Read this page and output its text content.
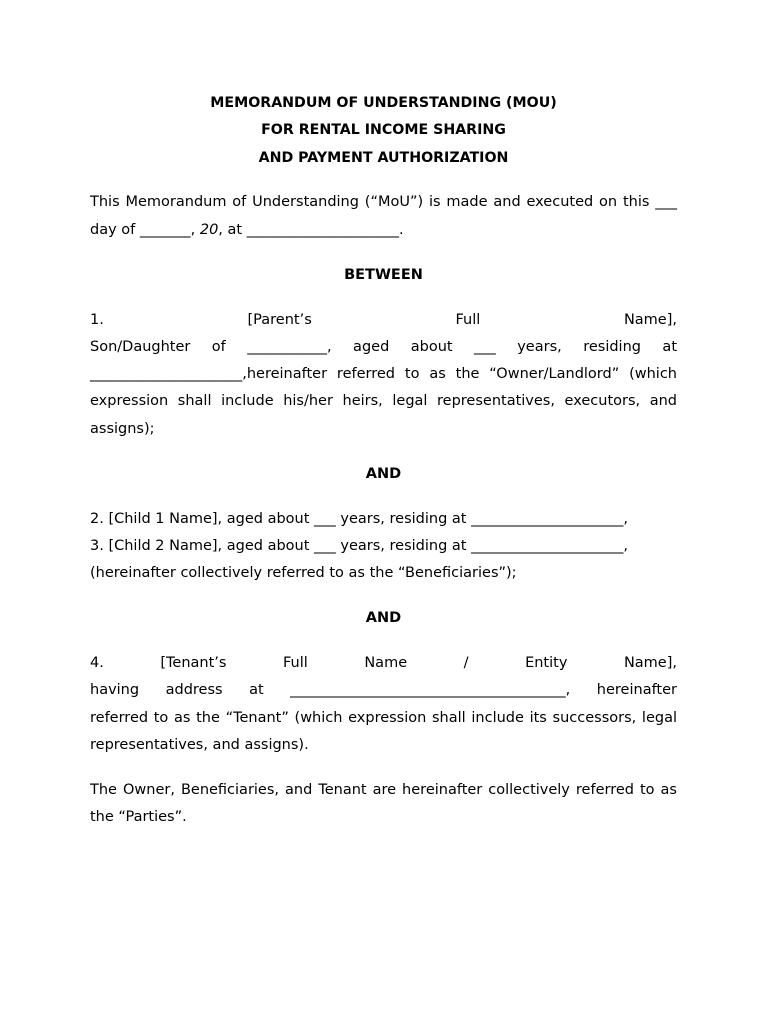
MEMORANDUM OF UNDERSTANDING (MOU)
FOR RENTAL INCOME SHARING
AND PAYMENT AUTHORIZATION
This Memorandum of Understanding (“MoU”) is made and executed on this ___ day of _______, 20, at _____________________.
BETWEEN
1. [Parent’s Full Name],
Son/Daughter of ___________, aged about ___ years, residing at
_____________________,hereinafter referred to as the “Owner/Landlord” (which expression shall include his/her heirs, legal representatives, executors, and assigns);
AND
2. [Child 1 Name], aged about ___ years, residing at _____________________,
3. [Child 2 Name], aged about ___ years, residing at _____________________,
(hereinafter collectively referred to as the “Beneficiaries”);
AND
4. [Tenant’s Full Name / Entity Name],
having address at ______________________________________, hereinafter
referred to as the “Tenant” (which expression shall include its successors, legal representatives, and assigns).
The Owner, Beneficiaries, and Tenant are hereinafter collectively referred to as the “Parties”.
